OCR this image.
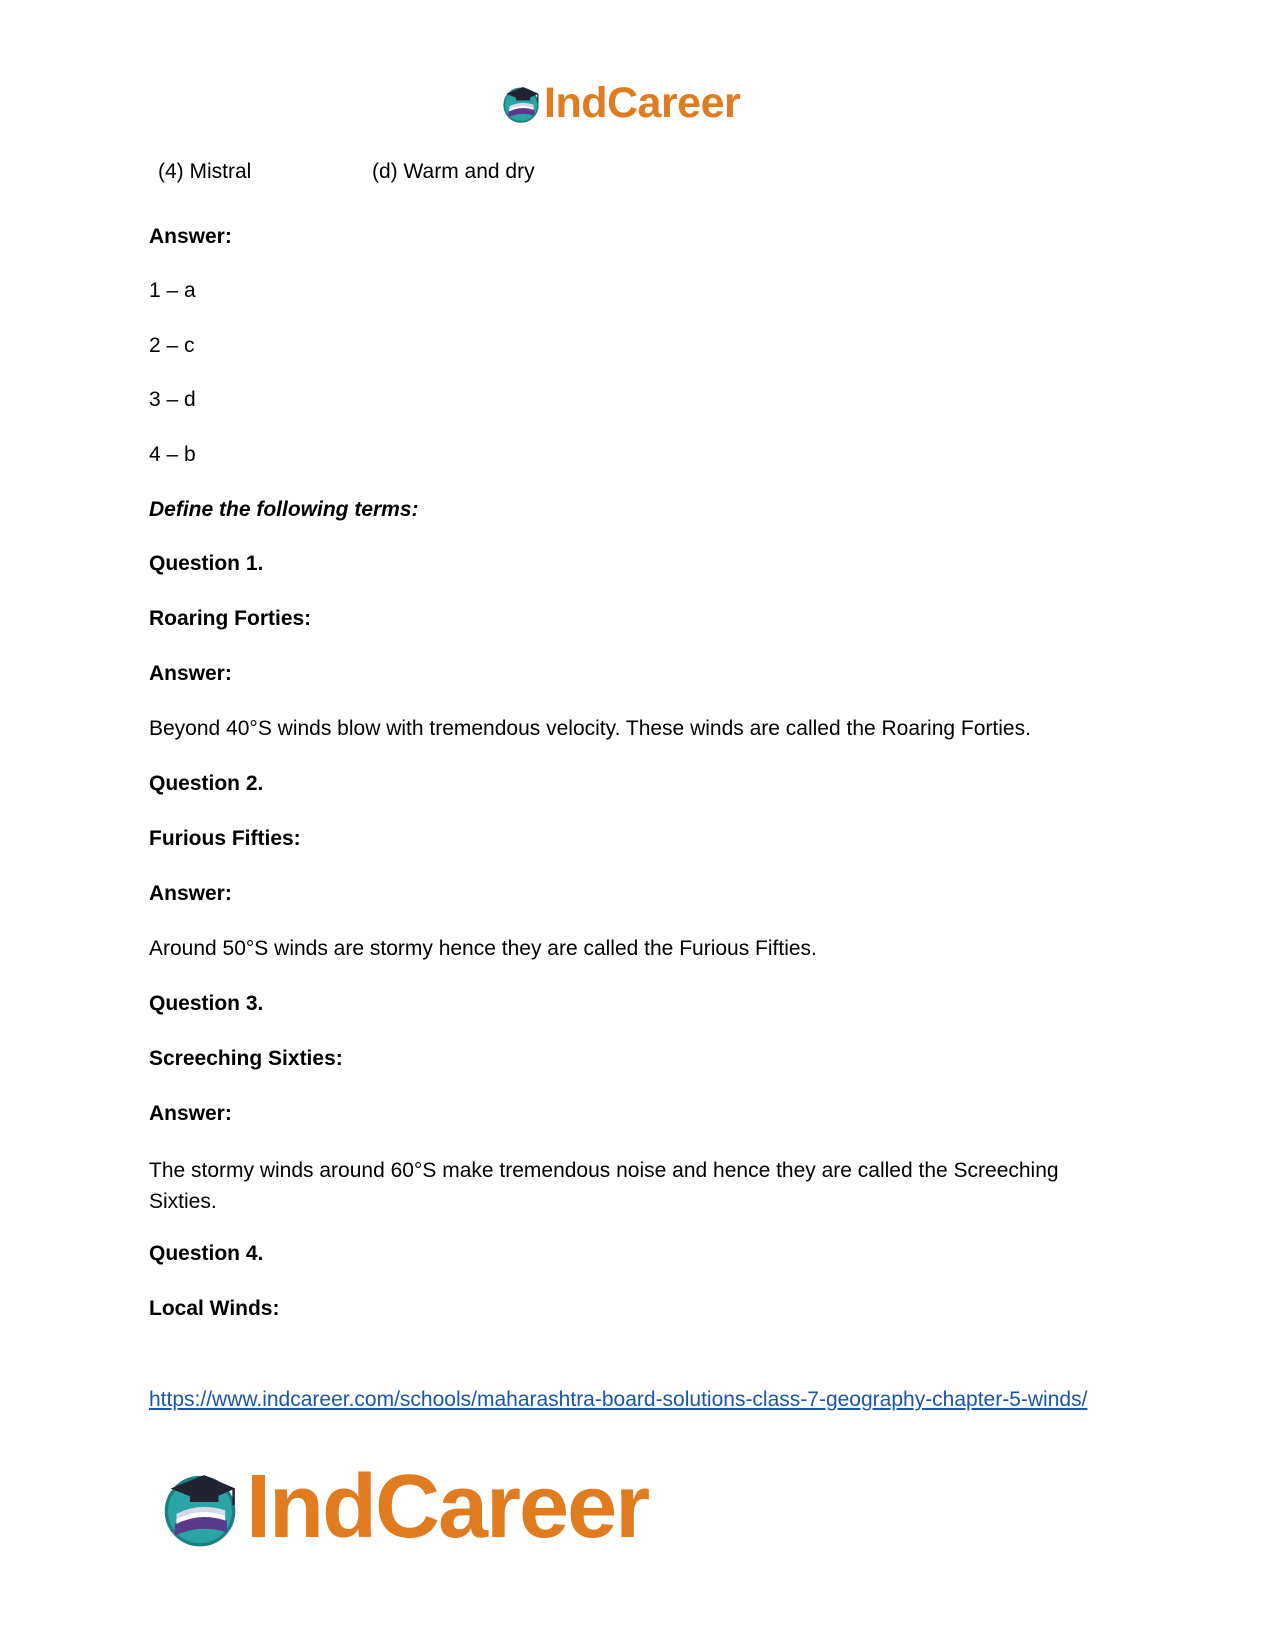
IndCareer
(4) Mistral	(d) Warm and dry
Answer:
1 – a
2 – c
3 – d
4 – b
Define the following terms:
Question 1.
Roaring Forties:
Answer:
Beyond 40°S winds blow with tremendous velocity. These winds are called the Roaring Forties.
Question 2.
Furious Fifties:
Answer:
Around 50°S winds are stormy hence they are called the Furious Fifties.
Question 3.
Screeching Sixties:
Answer:
The stormy winds around 60°S make tremendous noise and hence they are called the Screeching Sixties.
Question 4.
Local Winds:
https://www.indcareer.com/schools/maharashtra-board-solutions-class-7-geography-chapter-5-winds/
IndCareer
